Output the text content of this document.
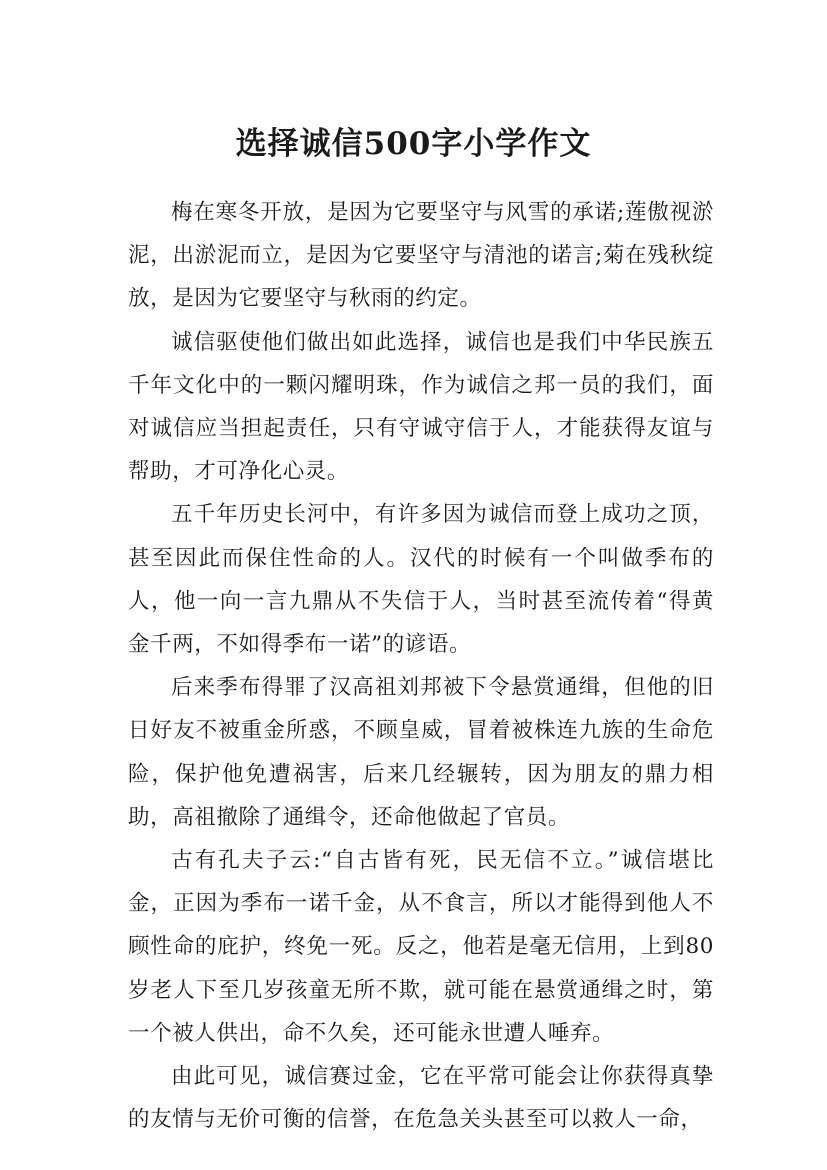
选择诚信500字小学作文

梅在寒冬开放，是因为它要坚守与风雪的承诺;莲傲视淤泥，出淤泥而立，是因为它要坚守与清池的诺言;菊在残秋绽放，是因为它要坚守与秋雨的约定。

诚信驱使他们做出如此选择，诚信也是我们中华民族五千年文化中的一颗闪耀明珠，作为诚信之邦一员的我们，面对诚信应当担起责任，只有守诚守信于人，才能获得友谊与帮助，才可净化心灵。

五千年历史长河中，有许多因为诚信而登上成功之顶，甚至因此而保住性命的人。汉代的时候有一个叫做季布的人，他一向一言九鼎从不失信于人，当时甚至流传着“得黄金千两，不如得季布一诺”的谚语。

后来季布得罪了汉高祖刘邦被下令悬赏通缉，但他的旧日好友不被重金所惑，不顾皇威，冒着被株连九族的生命危险，保护他免遭祸害，后来几经辗转，因为朋友的鼎力相助，高祖撤除了通缉令，还命他做起了官员。

古有孔夫子云:“自古皆有死，民无信不立。”诚信堪比金，正因为季布一诺千金，从不食言，所以才能得到他人不顾性命的庇护，终免一死。反之，他若是毫无信用，上到80岁老人下至几岁孩童无所不欺，就可能在悬赏通缉之时，第一个被人供出，命不久矣，还可能永世遭人唾弃。

由此可见，诚信赛过金，它在平常可能会让你获得真挚的友情与无价可衡的信誉，在危急关头甚至可以救人一命，
